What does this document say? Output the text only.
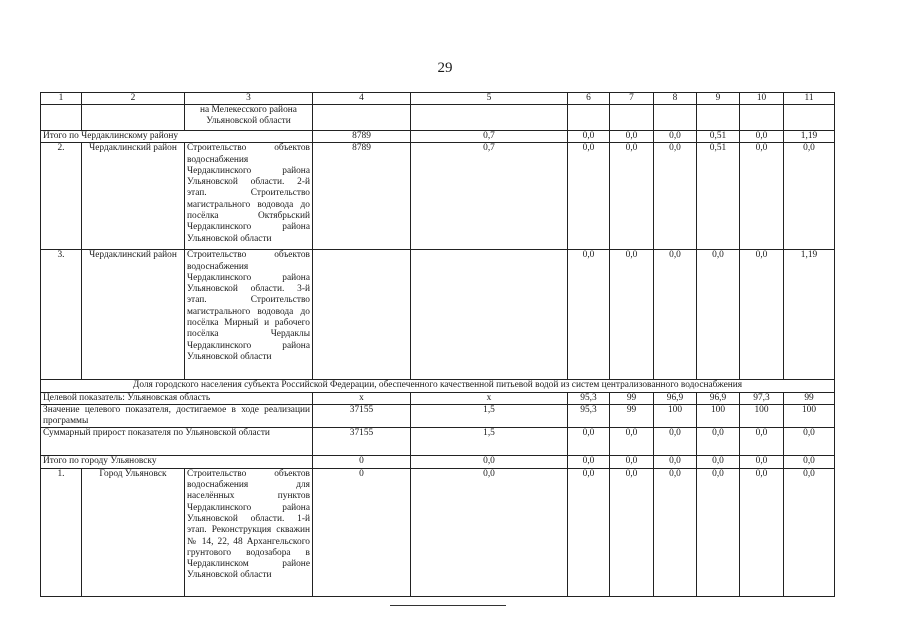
29
1	2	3	4	5	6	7	8	9	10	11
		на Мелекесского района Ульяновской области								
Итого по Чердаклинскому району			8789	0,7	0,0	0,0	0,0	0,51	0,0	1,19
2.	Чердаклинский район	Строительство объектов водоснабжения Чердаклинского района Ульяновской области. 2-й этап. Строительство магистрального водовода до посёлка Октябрьский Чердаклинского района Ульяновской области	8789	0,7	0,0	0,0	0,0	0,51	0,0	0,0
3.	Чердаклинский район	Строительство объектов водоснабжения Чердаклинского района Ульяновской области. 3-й этап. Строительство магистрального водовода до посёлка Мирный и рабочего посёлка Чердаклы Чердаклинского района Ульяновской области			0,0	0,0	0,0	0,0	0,0	1,19
Доля городского населения субъекта Российской Федерации, обеспеченного качественной питьевой водой из систем централизованного водоснабжения										
Целевой показатель: Ульяновская область			x	x	95,3	99	96,9	96,9	97,3	99
Значение целевого показателя, достигаемое в ходе реализации программы			37155	1,5	95,3	99	100	100	100	100
Суммарный прирост показателя по Ульяновской области			37155	1,5	0,0	0,0	0,0	0,0	0,0	0,0
Итого по городу Ульяновску			0	0,0	0,0	0,0	0,0	0,0	0,0	0,0
1.	Город Ульяновск	Строительство объектов водоснабжения для населённых пунктов Чердаклинского района Ульяновской области. 1-й этап. Реконструкция скважин № 14, 22, 48 Архангельского грунтового водозабора в Чердаклинском районе Ульяновской области	0	0,0	0,0	0,0	0,0	0,0	0,0	0,0
